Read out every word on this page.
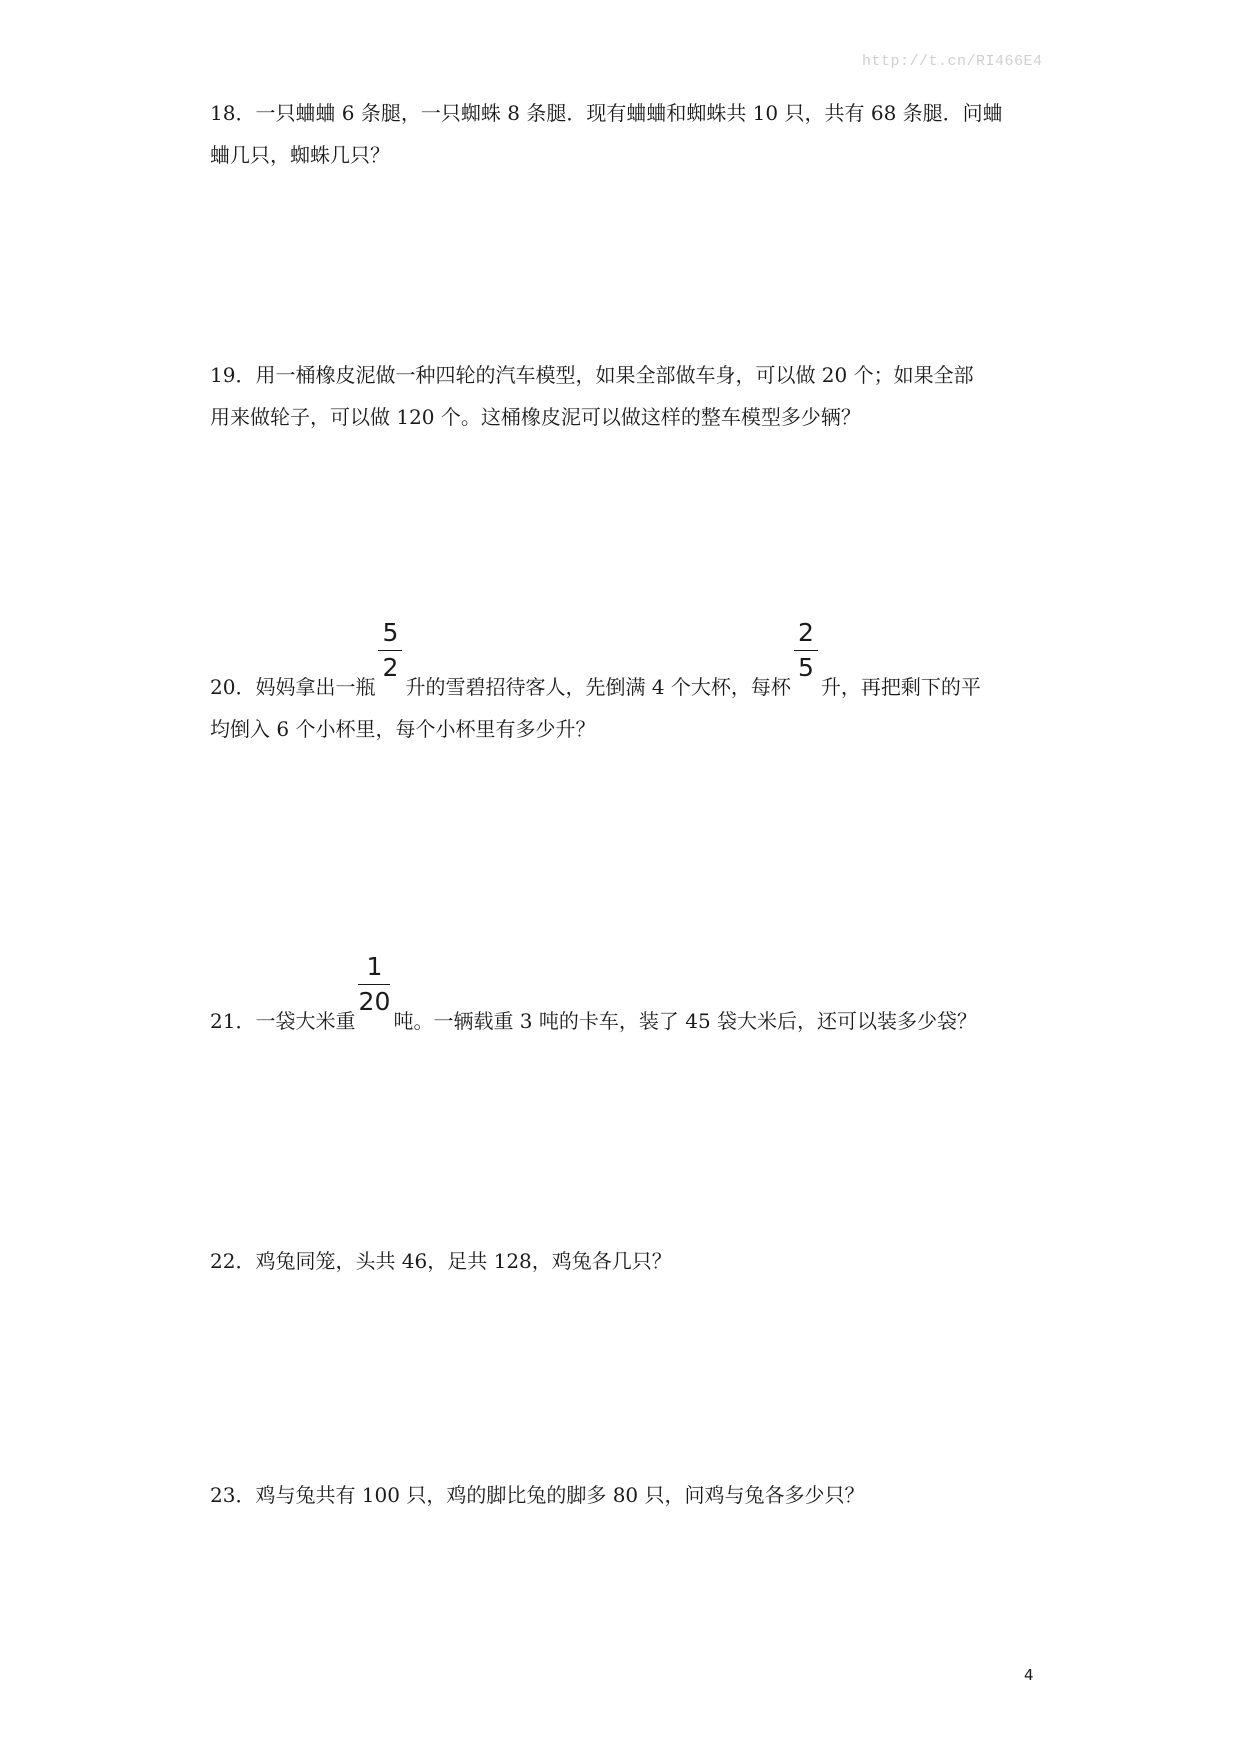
http://t.cn/RI466E4
18．一只蛐蛐 6 条腿，一只蜘蛛 8 条腿．现有蛐蛐和蜘蛛共 10 只，共有 68 条腿．问蛐
蛐几只，蜘蛛几只？
19．用一桶橡皮泥做一种四轮的汽车模型，如果全部做车身，可以做 20 个；如果全部
用来做轮子，可以做 120 个。这桶橡皮泥可以做这样的整车模型多少辆？
20．妈妈拿出一瓶 $\frac{5}{2}$ 升的雪碧招待客人，先倒满 4 个大杯，每杯 $\frac{2}{5}$ 升，再把剩下的平
均倒入 6 个小杯里，每个小杯里有多少升？
21．一袋大米重 $\frac{1}{20}$ 吨。一辆载重 3 吨的卡车，装了 45 袋大米后，还可以装多少袋？
22．鸡兔同笼，头共 46，足共 128，鸡兔各几只？
23．鸡与兔共有 100 只，鸡的脚比兔的脚多 80 只，问鸡与兔各多少只？
4
